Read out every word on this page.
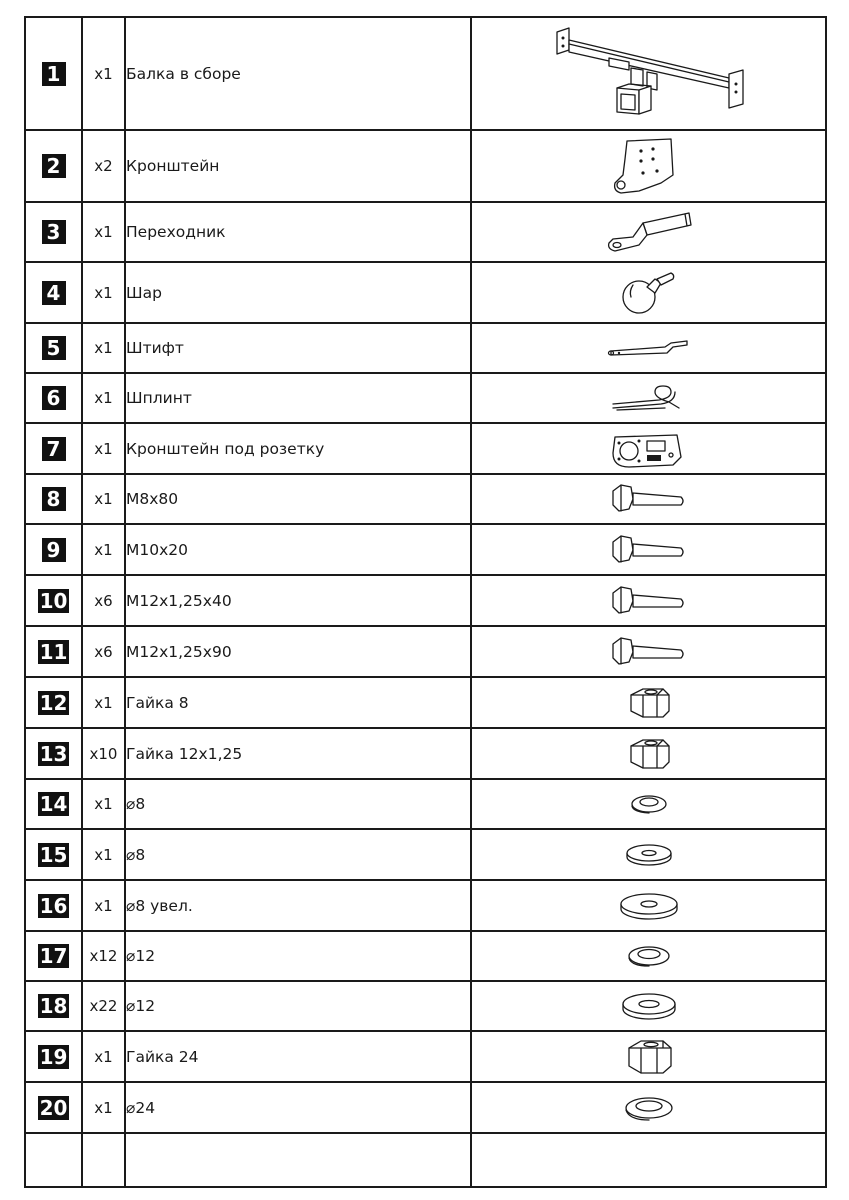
1	x1	Балка в сборе	

2	x2	Кронштейн	

3	x1	Переходник	

4	x1	Шар	

5	x1	Штифт	

6	x1	Шплинт	

7	x1	Кронштейн под розетку	

8	x1	M8x80	

9	x1	M10x20	

10	x6	M12x1,25x40	

11	x6	M12x1,25x90	

12	x1	Гайка 8	

13	x10	Гайка 12x1,25	

14	x1	⌀8	

15	x1	⌀8	

16	x1	⌀8 увел.	

17	x12	⌀12	

18	x22	⌀12	

19	x1	Гайка 24	

20	x1	⌀24	
